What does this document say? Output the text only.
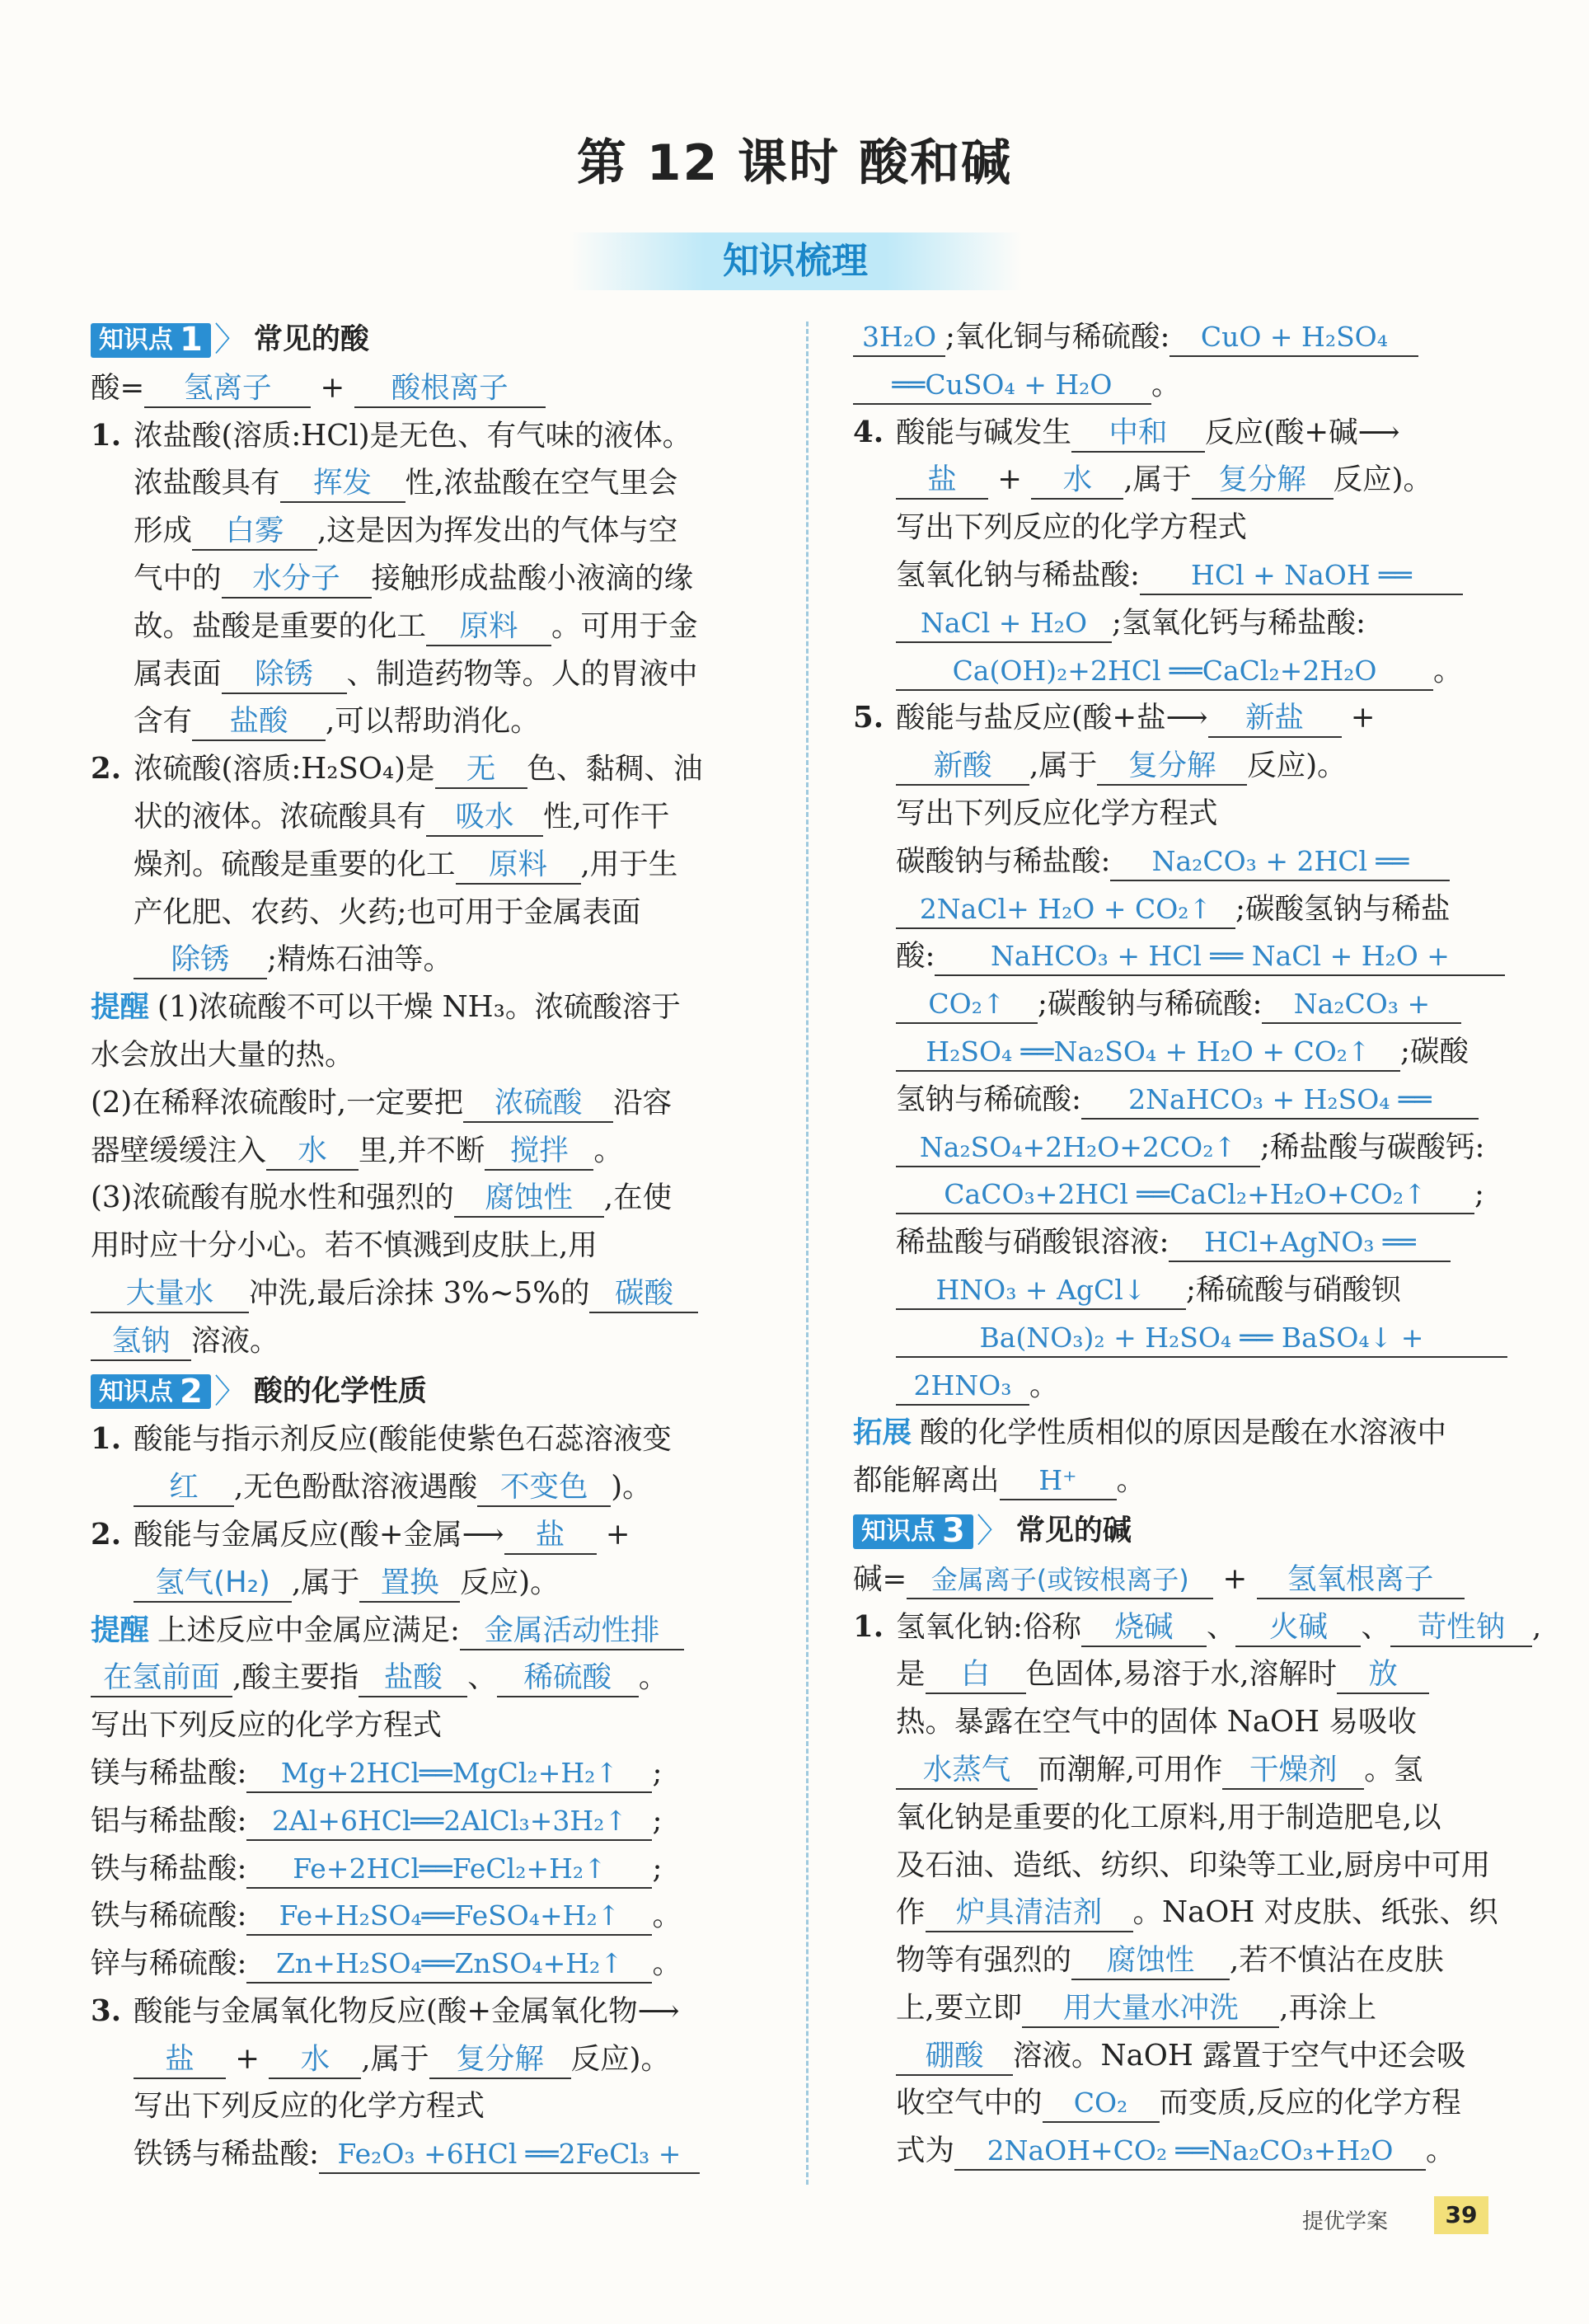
第 12 课时 酸和碱
知识梳理
知识点 1 〉 常见的酸
酸= 氢离子 + 酸根离子
1. 浓盐酸(溶质:HCl)是无色、有气味的液体。
浓盐酸具有 挥发 性,浓盐酸在空气里会
形成 白雾 ,这是因为挥发出的气体与空
气中的 水分子 接触形成盐酸小液滴的缘
故。盐酸是重要的化工 原料 。可用于金
属表面 除锈 、制造药物等。人的胃液中
含有 盐酸 ,可以帮助消化。
2. 浓硫酸(溶质:H₂SO₄)是 无 色、黏稠、油
状的液体。浓硫酸具有 吸水 性,可作干
燥剂。硫酸是重要的化工 原料 ,用于生
产化肥、农药、火药;也可用于金属表面
除锈 ;精炼石油等。
提醒 (1)浓硫酸不可以干燥 NH₃。浓硫酸溶于
水会放出大量的热。
(2)在稀释浓硫酸时,一定要把 浓硫酸 沿容
器壁缓缓注入 水 里,并不断 搅拌 。
(3)浓硫酸有脱水性和强烈的 腐蚀性 ,在使
用时应十分小心。若不慎溅到皮肤上,用
大量水 冲洗,最后涂抹 3%~5%的 碳酸
氢钠 溶液。
知识点 2 〉 酸的化学性质
1. 酸能与指示剂反应(酸能使紫色石蕊溶液变
红 ,无色酚酞溶液遇酸 不变色 )。
2. 酸能与金属反应(酸+金属⟶ 盐 +
氢气(H₂) ,属于 置换 反应)。
提醒 上述反应中金属应满足: 金属活动性排
在氢前面 ,酸主要指 盐酸 、 稀硫酸 。
写出下列反应的化学方程式
镁与稀盐酸: Mg+2HCl══MgCl₂+H₂↑ ;
铝与稀盐酸: 2Al+6HCl══2AlCl₃+3H₂↑ ;
铁与稀盐酸: Fe+2HCl══FeCl₂+H₂↑ ;
铁与稀硫酸: Fe+H₂SO₄══FeSO₄+H₂↑ 。
锌与稀硫酸: Zn+H₂SO₄══ZnSO₄+H₂↑ 。
3. 酸能与金属氧化物反应(酸+金属氧化物⟶
盐 + 水 ,属于 复分解 反应)。
写出下列反应的化学方程式
铁锈与稀盐酸: Fe₂O₃ +6HCl ══2FeCl₃ +
3H₂O ;氧化铜与稀硫酸: CuO + H₂SO₄
══CuSO₄ + H₂O 。
4. 酸能与碱发生 中和 反应(酸+碱⟶
盐 + 水 ,属于 复分解 反应)。
写出下列反应的化学方程式
氢氧化钠与稀盐酸: HCl + NaOH ══
NaCl + H₂O ;氢氧化钙与稀盐酸:
Ca(OH)₂+2HCl ══CaCl₂+2H₂O 。
5. 酸能与盐反应(酸+盐⟶ 新盐 +
新酸 ,属于 复分解 反应)。
写出下列反应化学方程式
碳酸钠与稀盐酸: Na₂CO₃ + 2HCl ══
2NaCl+ H₂O + CO₂↑ ;碳酸氢钠与稀盐
酸: NaHCO₃ + HCl ══ NaCl + H₂O +
CO₂↑ ;碳酸钠与稀硫酸: Na₂CO₃ +
H₂SO₄ ══Na₂SO₄ + H₂O + CO₂↑ ;碳酸
氢钠与稀硫酸: 2NaHCO₃ + H₂SO₄ ══
Na₂SO₄+2H₂O+2CO₂↑ ;稀盐酸与碳酸钙:
CaCO₃+2HCl ══CaCl₂+H₂O+CO₂↑ ;
稀盐酸与硝酸银溶液: HCl+AgNO₃ ══
HNO₃ + AgCl↓ ;稀硫酸与硝酸钡
Ba(NO₃)₂ + H₂SO₄ ══ BaSO₄↓ +
2HNO₃ 。
拓展 酸的化学性质相似的原因是酸在水溶液中
都能解离出 H⁺ 。
知识点 3 〉 常见的碱
碱= 金属离子(或铵根离子) + 氢氧根离子
1. 氢氧化钠:俗称 烧碱 、 火碱 、 苛性钠 ,
是 白 色固体,易溶于水,溶解时 放
热。暴露在空气中的固体 NaOH 易吸收
水蒸气 而潮解,可用作 干燥剂 。氢
氧化钠是重要的化工原料,用于制造肥皂,以
及石油、造纸、纺织、印染等工业,厨房中可用
作 炉具清洁剂 。NaOH 对皮肤、纸张、织
物等有强烈的 腐蚀性 ,若不慎沾在皮肤
上,要立即 用大量水冲洗 ,再涂上
硼酸 溶液。NaOH 露置于空气中还会吸
收空气中的 CO₂ 而变质,反应的化学方程
式为 2NaOH+CO₂ ══Na₂CO₃+H₂O 。
提优学案	39
